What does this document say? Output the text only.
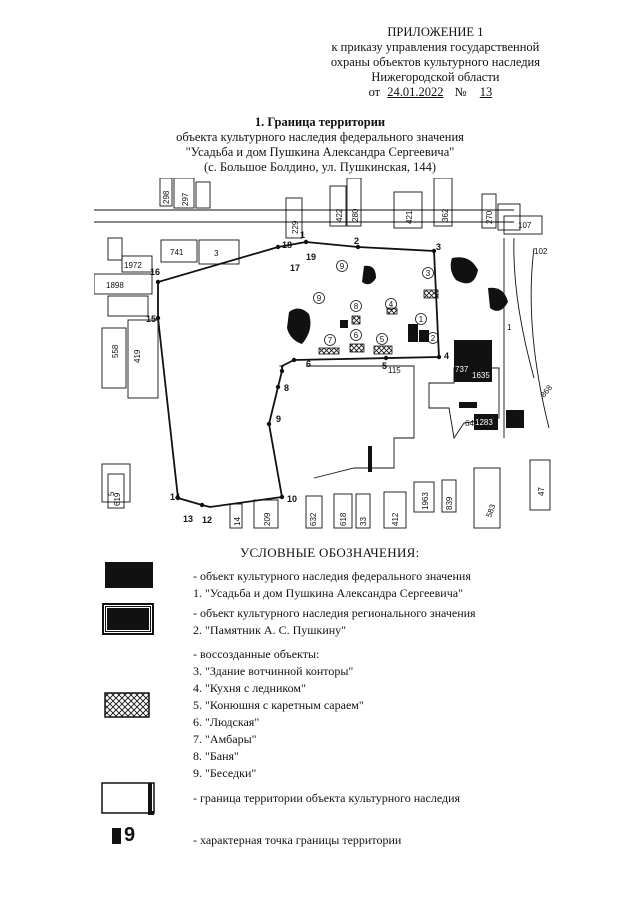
ПРИЛОЖЕНИЕ 1
к приказу управления государственной
охраны объектов культурного наследия
Нижегородской области
от 24.01.2022 № 13
1. Граница территории
объекта культурного наследия федерального значения
"Усадьба и дом Пушкина Александра Сергеевича"
(с. Большое Болдино, ул. Пушкинская, 144)
1
2
3
4
5
6
7
8
9
10
12
13
14
15
16	17
18
19
1
2
3
4
5
6
7
8
9
9
298 297
229
422 280	421	362	270
107
102
741	3
1972
1898
115	737
1635
642
1283 637
868
1
558 419
5
619
209	632	618 33	412
1963 839	583
47
14
УСЛОВНЫЕ ОБОЗНАЧЕНИЯ:
- объект культурного наследия федерального значения
1. "Усадьба и дом Пушкина Александра Сергеевича"
- объект культурного наследия регионального значения
2. "Памятник А. С. Пушкину"
- воссозданные объекты:
3. "Здание вотчинной конторы"
4. "Кухня с ледником"
5. "Конюшня с каретным сараем"
6. "Людская"
7. "Амбары"
8. "Баня"
9. "Беседки"
- граница территории объекта культурного наследия
9	- характерная точка границы территории
